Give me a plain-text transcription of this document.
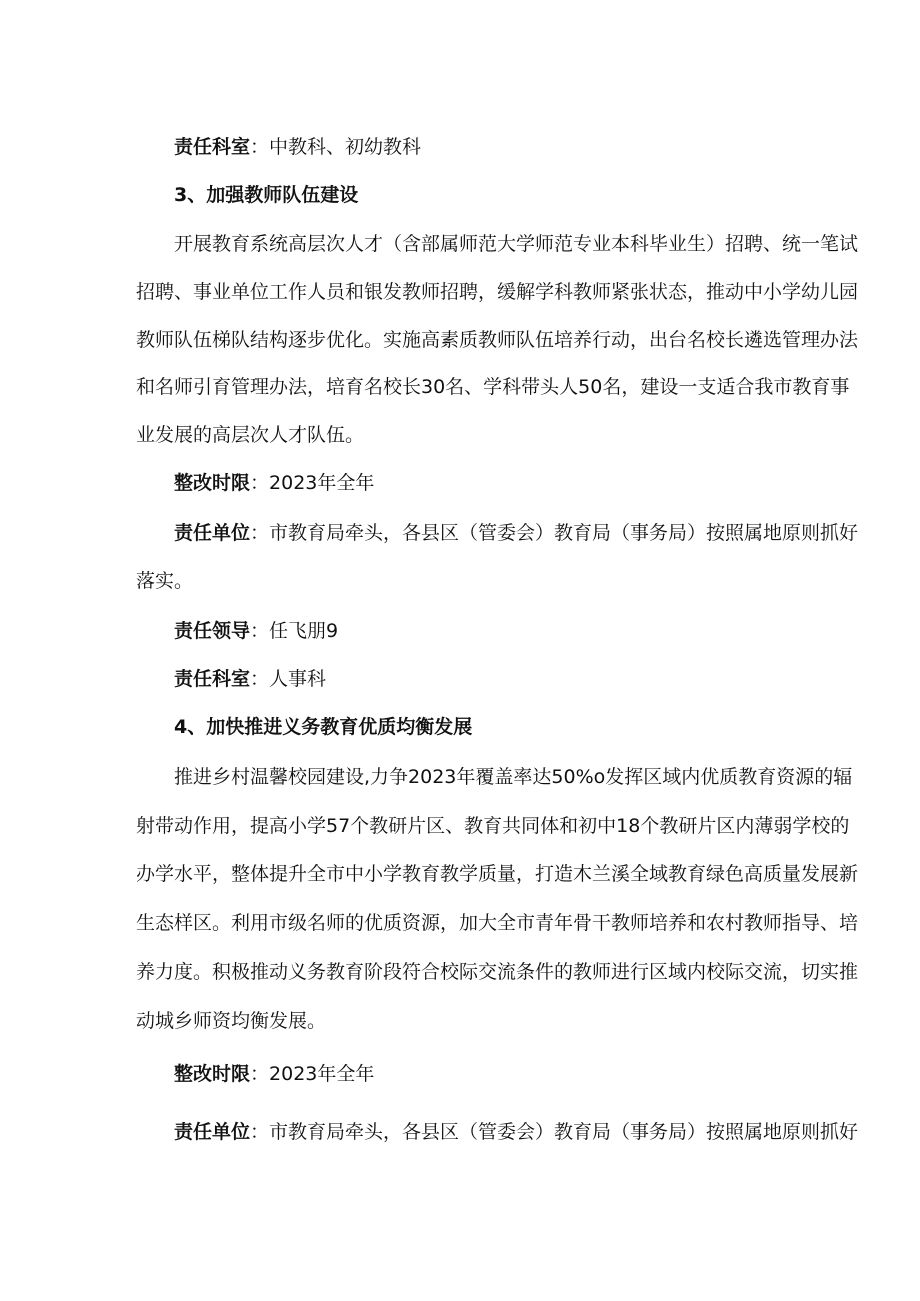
责任科室：中教科、初幼教科

3、加强教师队伍建设

开展教育系统高层次人才（含部属师范大学师范专业本科毕业生）招聘、统一笔试

招聘、事业单位工作人员和银发教师招聘，缓解学科教师紧张状态，推动中小学幼儿园

教师队伍梯队结构逐步优化。实施高素质教师队伍培养行动，出台名校长遴选管理办法

和名师引育管理办法，培育名校长30名、学科带头人50名，建设一支适合我市教育事

业发展的高层次人才队伍。

整改时限：2023年全年

责任单位：市教育局牵头，各县区（管委会）教育局（事务局）按照属地原则抓好

落实。

责任领导：任飞朋9

责任科室：人事科

4、加快推进义务教育优质均衡发展

推进乡村温馨校园建设,力争2023年覆盖率达50%o发挥区域内优质教育资源的辐

射带动作用，提高小学57个教研片区、教育共同体和初中18个教研片区内薄弱学校的

办学水平，整体提升全市中小学教育教学质量，打造木兰溪全域教育绿色高质量发展新

生态样区。利用市级名师的优质资源，加大全市青年骨干教师培养和农村教师指导、培

养力度。积极推动义务教育阶段符合校际交流条件的教师进行区域内校际交流，切实推

动城乡师资均衡发展。

整改时限：2023年全年

责任单位：市教育局牵头，各县区（管委会）教育局（事务局）按照属地原则抓好
